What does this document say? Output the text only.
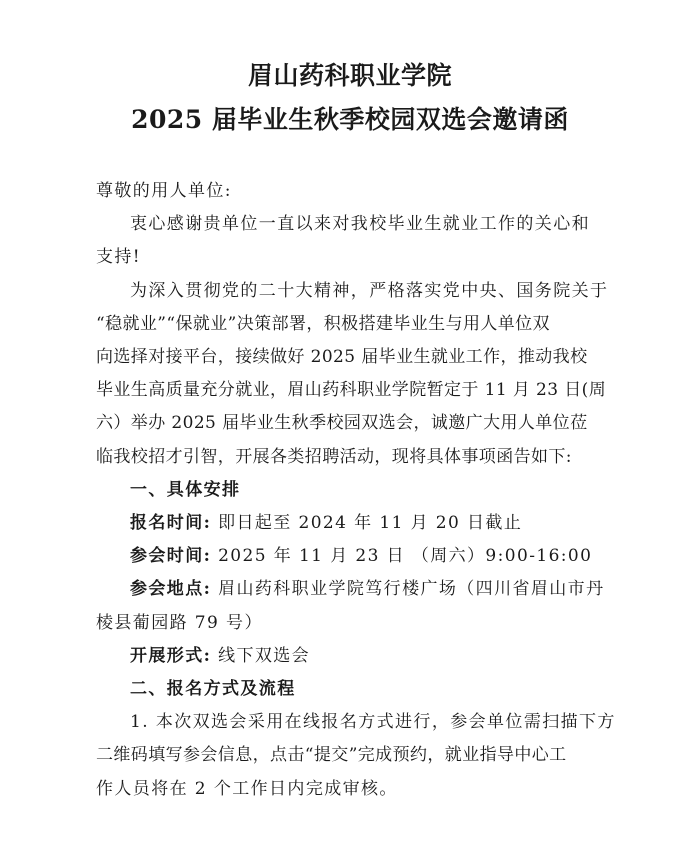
眉山药科职业学院
2025 届毕业生秋季校园双选会邀请函

尊敬的用人单位:

衷心感谢贵单位一直以来对我校毕业生就业工作的关心和

支持!

为深入贯彻党的二十大精神，严格落实党中央、国务院关于

“稳就业”“保就业”决策部署，积极搭建毕业生与用人单位双

向选择对接平台，接续做好 2025 届毕业生就业工作，推动我校

毕业生高质量充分就业，眉山药科职业学院暂定于 11 月 23 日(周

六）举办 2025 届毕业生秋季校园双选会，诚邀广大用人单位莅

临我校招才引智，开展各类招聘活动，现将具体事项函告如下:

一、具体安排

报名时间: 即日起至 2024 年 11 月 20 日截止

参会时间: 2025 年 11 月 23 日 （周六）9:00-16:00

参会地点: 眉山药科职业学院笃行楼广场（四川省眉山市丹

棱县葡园路 79 号）

开展形式: 线下双选会

二、报名方式及流程

1. 本次双选会采用在线报名方式进行，参会单位需扫描下方

二维码填写参会信息，点击“提交”完成预约，就业指导中心工

作人员将在 2 个工作日内完成审核。
